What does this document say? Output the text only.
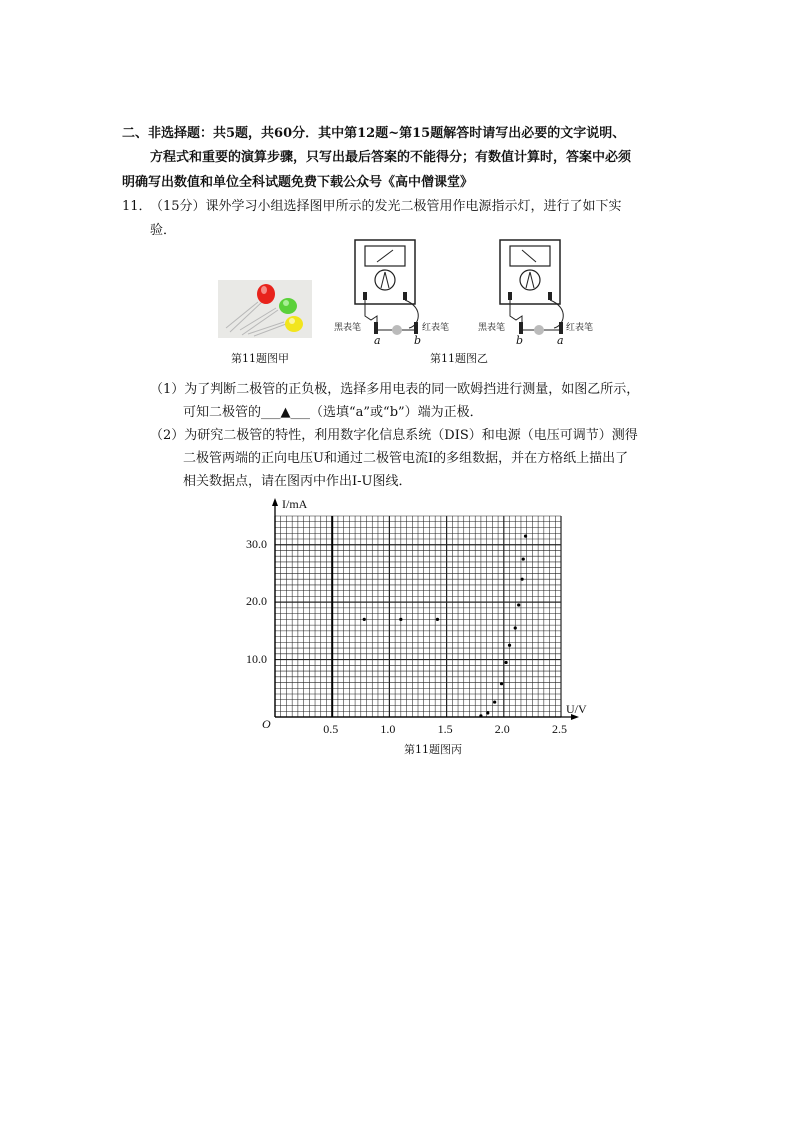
二、非选择题：共5题，共60分．其中第12题~第15题解答时请写出必要的文字说明、
方程式和重要的演算步骤，只写出最后答案的不能得分；有数值计算时，答案中必须
明确写出数值和单位全科试题免费下载公众号《高中僧课堂》
11．
（15分）课外学习小组选择图甲所示的发光二极管用作电源指示灯，进行了如下实
验．
第11题图甲
黑表笔	红表笔
a	b
黑表笔	红表笔
b	a
第11题图乙
（1）为了判断二极管的正负极，选择多用电表的同一欧姆挡进行测量，如图乙所示，
可知二极管的___▲___（选填“a”或“b”）端为正极．
（2）为研究二极管的特性，利用数字化信息系统（DIS）和电源（电压可调节）测得
二极管两端的正向电压U和通过二极管电流I的多组数据，并在方格纸上描出了
相关数据点，请在图丙中作出I-U图线．
I/mA
U/V
O	0.5	1.0	1.5	2.0	2.5
10.0
20.0
30.0
第11题图丙
